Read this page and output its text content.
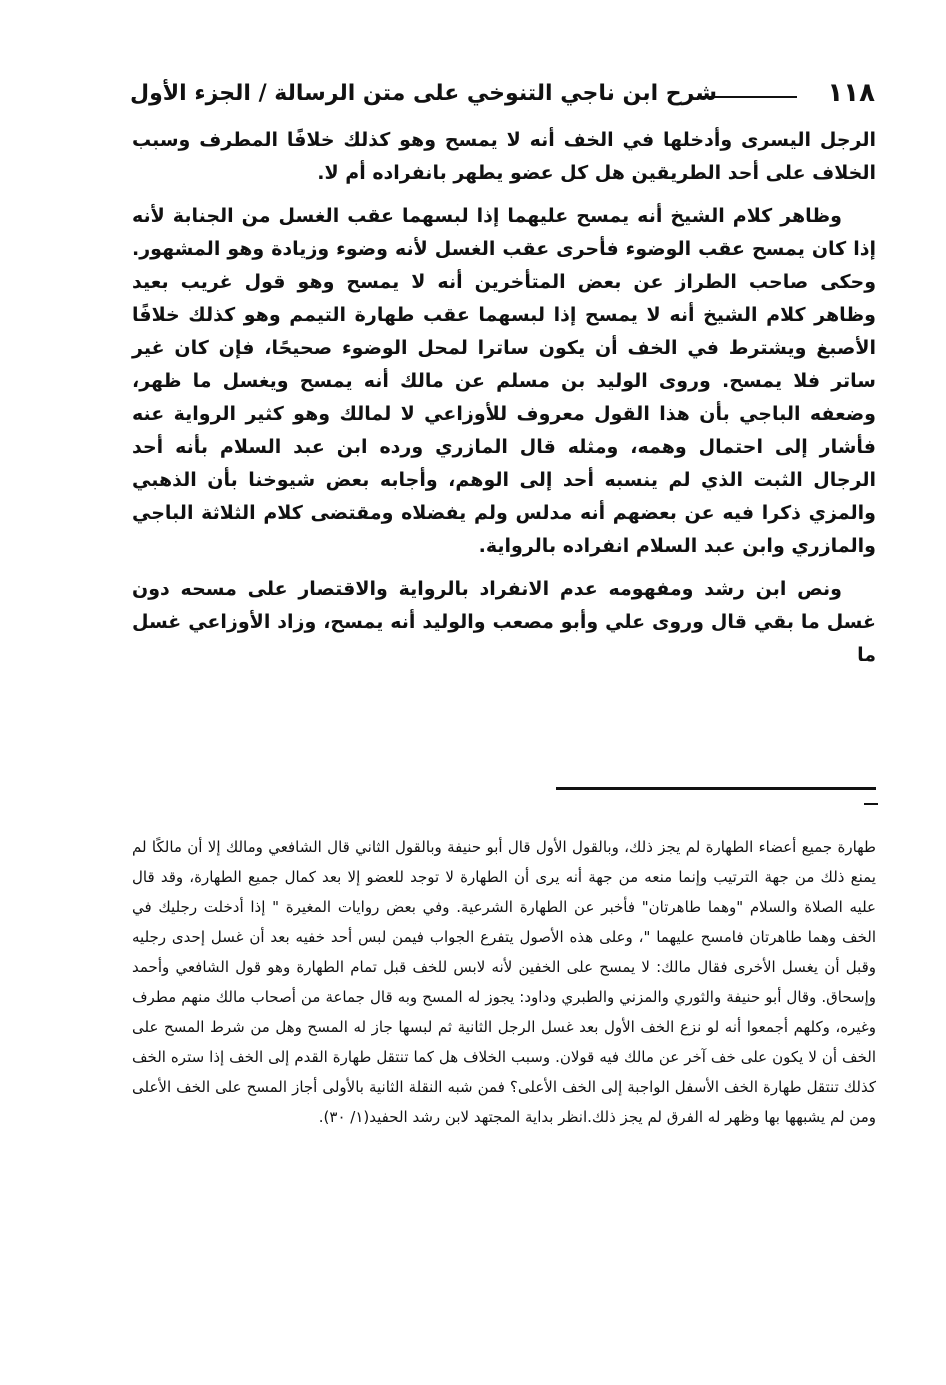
١١٨
شرح ابن ناجي التنوخي على متن الرسالة / الجزء الأول

الرجل اليسرى وأدخلها في الخف أنه لا يمسح وهو كذلك خلافًا المطرف وسبب الخلاف على أحد الطريقين هل كل عضو يطهر بانفراده أم لا.

وظاهر كلام الشيخ أنه يمسح عليهما إذا لبسهما عقب الغسل من الجنابة لأنه إذا كان يمسح عقب الوضوء فأحرى عقب الغسل لأنه وضوء وزيادة وهو المشهور. وحكى صاحب الطراز عن بعض المتأخرين أنه لا يمسح وهو قول غريب بعيد وظاهر كلام الشيخ أنه لا يمسح إذا لبسهما عقب طهارة التيمم وهو كذلك خلافًا الأصبغ ويشترط في الخف أن يكون ساترا لمحل الوضوء صحيحًا، فإن كان غير ساتر فلا يمسح. وروى الوليد بن مسلم عن مالك أنه يمسح ويغسل ما ظهر، وضعفه الباجي بأن هذا القول معروف للأوزاعي لا لمالك وهو كثير الرواية عنه فأشار إلى احتمال وهمه، ومثله قال المازري ورده ابن عبد السلام بأنه أحد الرجال الثبت الذي لم ينسبه أحد إلى الوهم، وأجابه بعض شيوخنا بأن الذهبي والمزي ذكرا فيه عن بعضهم أنه مدلس ولم يفضلاه ومقتضى كلام الثلاثة الباجي والمازري وابن عبد السلام انفراده بالرواية.

ونص ابن رشد ومفهومه عدم الانفراد بالرواية والاقتصار على مسحه دون غسل ما بقي قال وروى علي وأبو مصعب والوليد أنه يمسح، وزاد الأوزاعي غسل ما

طهارة جميع أعضاء الطهارة لم يجز ذلك، وبالقول الأول قال أبو حنيفة وبالقول الثاني قال الشافعي ومالك إلا أن مالكًا لم يمنع ذلك من جهة الترتيب وإنما منعه من جهة أنه يرى أن الطهارة لا توجد للعضو إلا بعد كمال جميع الطهارة، وقد قال عليه الصلاة والسلام "وهما طاهرتان" فأخبر عن الطهارة الشرعية. وفي بعض روايات المغيرة " إذا أدخلت رجليك في الخف وهما طاهرتان فامسح عليهما "، وعلى هذه الأصول يتفرع الجواب فيمن لبس أحد خفيه بعد أن غسل إحدى رجليه وقبل أن يغسل الأخرى فقال مالك: لا يمسح على الخفين لأنه لابس للخف قبل تمام الطهارة وهو قول الشافعي وأحمد وإسحاق. وقال أبو حنيفة والثوري والمزني والطبري وداود: يجوز له المسح وبه قال جماعة من أصحاب مالك منهم مطرف وغيره، وكلهم أجمعوا أنه لو نزع الخف الأول بعد غسل الرجل الثانية ثم لبسها جاز له المسح وهل من شرط المسح على الخف أن لا يكون على خف آخر عن مالك فيه قولان. وسبب الخلاف هل كما تنتقل طهارة القدم إلى الخف إذا ستره الخف كذلك تنتقل طهارة الخف الأسفل الواجبة إلى الخف الأعلى؟ فمن شبه النقلة الثانية بالأولى أجاز المسح على الخف الأعلى ومن لم يشبهها بها وظهر له الفرق لم يجز ذلك.انظر بداية المجتهد لابن رشد الحفيد(١/ ٣٠).
